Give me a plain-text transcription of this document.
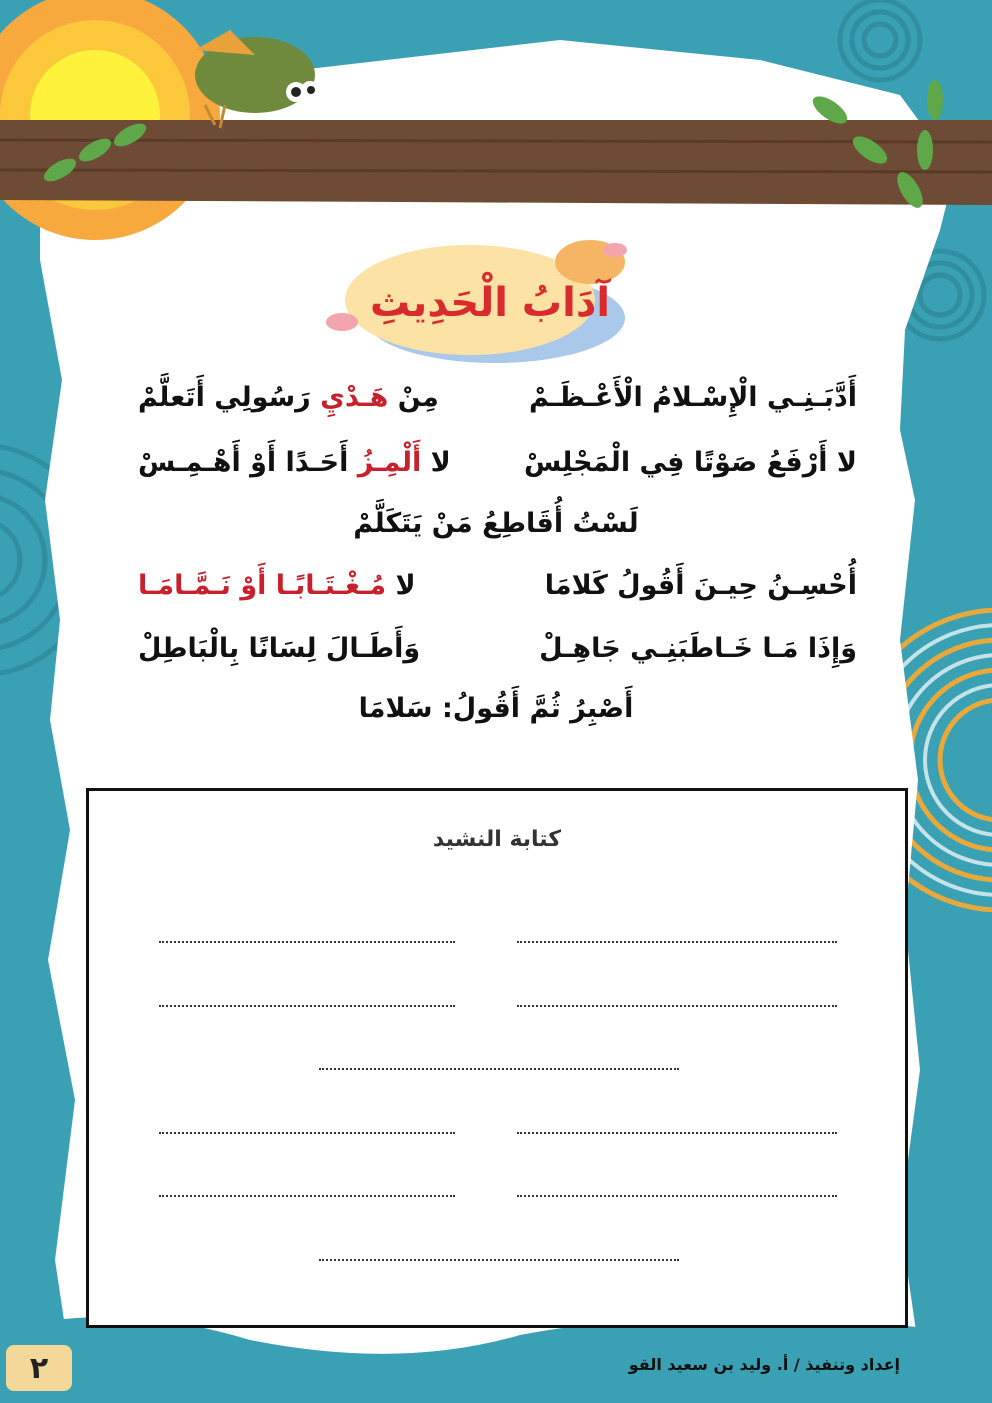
آدَابُ الْحَدِيثِ
أَدَّبَـنِـي الْإِسْـلامُ الْأَعْـظَـمْ
مِنْ هَـدْيِ رَسُولِي أَتَعلَّمْ
لا أَرْفَعُ صَوْتًا فِي الْمَجْلِسْ
لا أَلْمِـزُ أَحَـدًا أَوْ أَهْـمِـسْ
لَسْتُ أُقَاطِعُ مَنْ يَتَكَلَّمْ
أُحْسِـنُ حِيـنَ أَقُولُ كَلامَا
لا مُـغْـتَـابًـا أَوْ نَـمَّـامَـا
وَإِذَا مَـا خَـاطَبَنِـي جَاهِـلْ
وَأَطَـالَ لِسَانًا بِالْبَاطِلْ
أَصْبِرُ ثُمَّ أَقُولُ: سَلامَا
كتابة النشيد
٢	إعداد وتنفيذ / أ. وليد بن سعيد القو
